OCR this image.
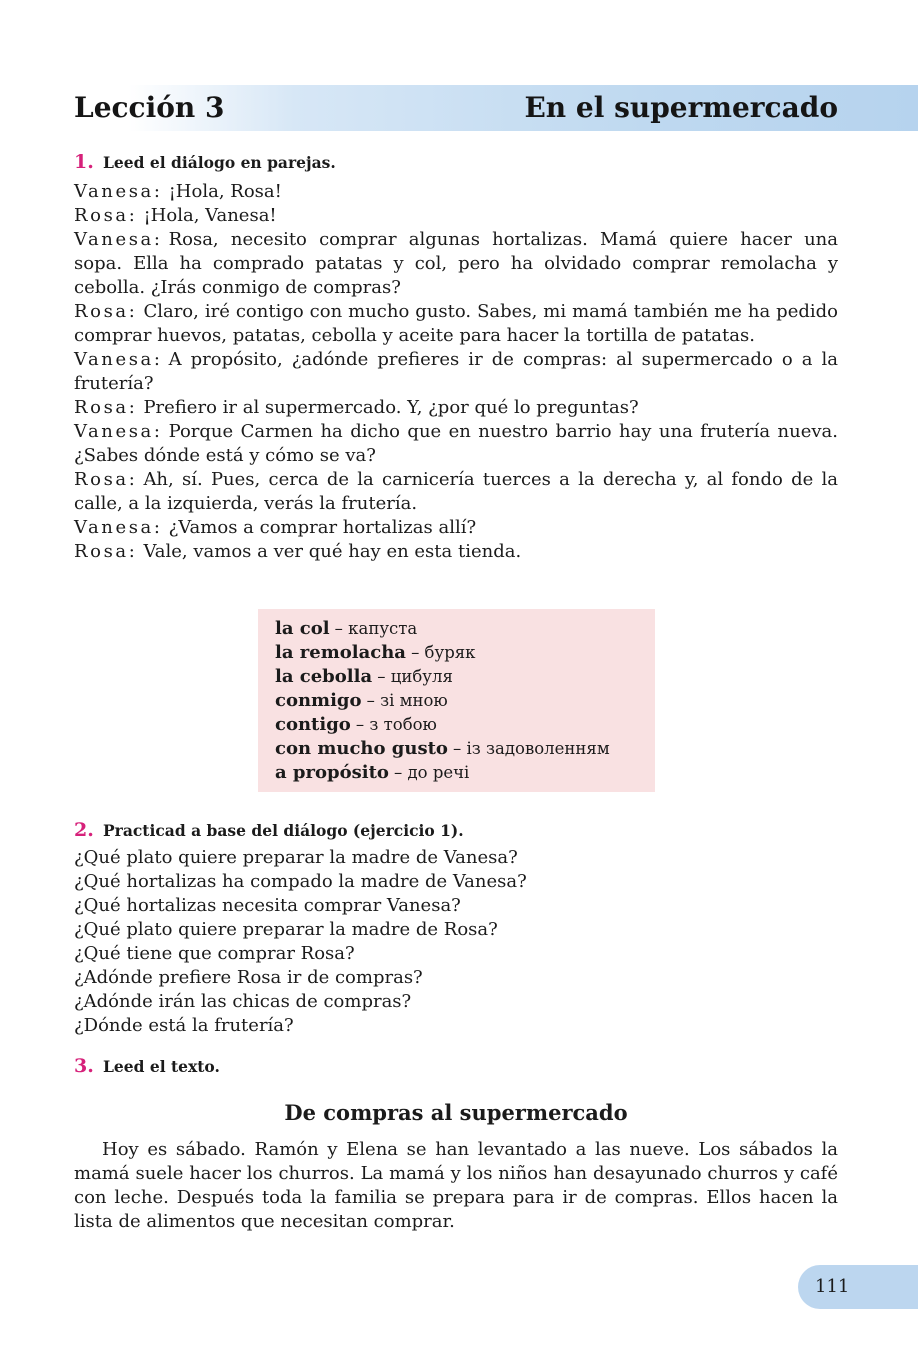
Lección 3	En el supermercado
1. Leed el diálogo en parejas.
Vanesa: ¡Hola, Rosa!
Rosa: ¡Hola, Vanesa!
Vanesa: Rosa, necesito comprar algunas hortalizas. Mamá quiere hacer una sopa. Ella ha comprado patatas y col, pero ha olvidado comprar remolacha y cebolla. ¿Irás conmigo de compras?
Rosa: Claro, iré contigo con mucho gusto. Sabes, mi mamá también me ha pedido comprar huevos, patatas, cebolla y aceite para hacer la tortilla de patatas.
Vanesa: A propósito, ¿adónde prefieres ir de compras: al supermercado o a la frutería?
Rosa: Prefiero ir al supermercado. Y, ¿por qué lo preguntas?
Vanesa: Porque Carmen ha dicho que en nuestro barrio hay una frutería nueva. ¿Sabes dónde está y cómo se va?
Rosa: Ah, sí. Pues, cerca de la carnicería tuerces a la derecha y, al fondo de la calle, a la izquierda, verás la frutería.
Vanesa: ¿Vamos a comprar hortalizas allí?
Rosa: Vale, vamos a ver qué hay en esta tienda.
la col – капуста
la remolacha – буряк
la cebolla – цибуля
conmigo – зі мною
contigo – з тобою
con mucho gusto – із задоволенням
a propósito – до речі
2. Practicad a base del diálogo (ejercicio 1).
¿Qué plato quiere preparar la madre de Vanesa?
¿Qué hortalizas ha compado la madre de Vanesa?
¿Qué hortalizas necesita comprar Vanesa?
¿Qué plato quiere preparar la madre de Rosa?
¿Qué tiene que comprar Rosa?
¿Adónde prefiere Rosa ir de compras?
¿Adónde irán las chicas de compras?
¿Dónde está la frutería?
3. Leed el texto.
De compras al supermercado
Hoy es sábado. Ramón y Elena se han levantado a las nueve. Los sábados la mamá suele hacer los churros. La mamá y los niños han desayunado churros y café con leche. Después toda la familia se prepara para ir de compras. Ellos hacen la lista de alimentos que necesitan comprar.
111
